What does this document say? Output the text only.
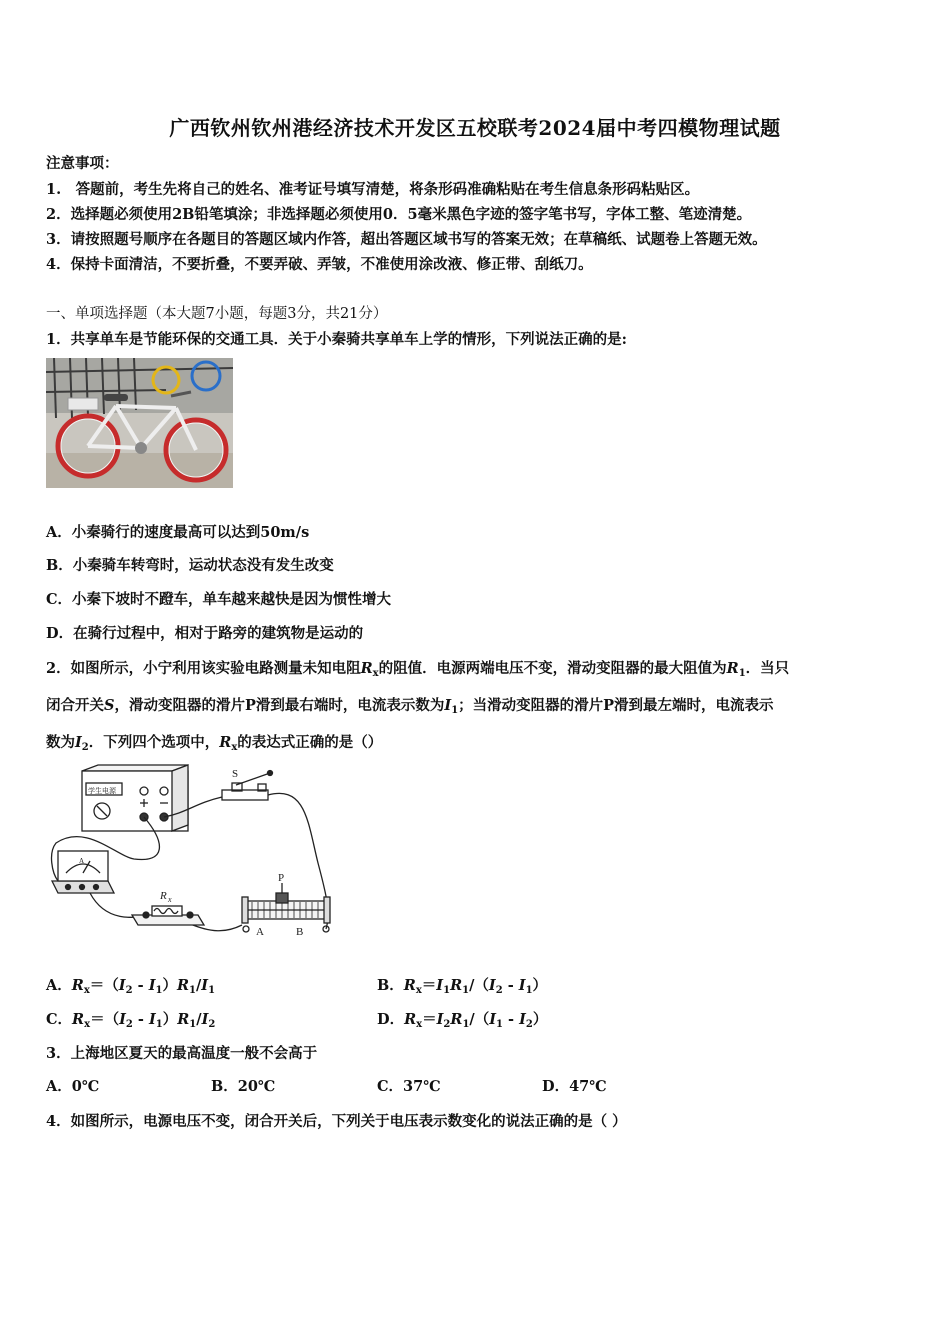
广西钦州钦州港经济技术开发区五校联考2024届中考四模物理试题
注意事项：
1.　答题前，考生先将自己的姓名、准考证号填写清楚，将条形码准确粘贴在考生信息条形码粘贴区。
2．选择题必须使用2B铅笔填涂；非选择题必须使用0．5毫米黑色字迹的签字笔书写，字体工整、笔迹清楚。
3．请按照题号顺序在各题目的答题区域内作答，超出答题区域书写的答案无效；在草稿纸、试题卷上答题无效。
4．保持卡面清洁，不要折叠，不要弄破、弄皱，不准使用涂改液、修正带、刮纸刀。
一、单项选择题（本大题7小题，每题3分，共21分）
1．共享单车是节能环保的交通工具．关于小秦骑共享单车上学的情形，下列说法正确的是:
A．小秦骑行的速度最高可以达到50m/s
B．小秦骑车转弯时，运动状态没有发生改变
C．小秦下坡时不蹬车，单车越来越快是因为惯性增大
D．在骑行过程中，相对于路旁的建筑物是运动的
2．如图所示，小宁利用该实验电路测量未知电阻$R_x$的阻值．电源两端电压不变，滑动变阻器的最大阻值为$R_1$．当只
闭合开关S，滑动变阻器的滑片P滑到最右端时，电流表示数为$I_1$；当滑动变阻器的滑片P滑到最左端时，电流表示
数为$I_2$．下列四个选项中，$R_x$的表达式正确的是（）
S
R x
P
A	B
A
学生电源
A．$R_x=(I_2 - I_1)R_1/I_1$	B．$R_x=I_1R_1/(I_2 - I_1)$
C．$R_x=(I_2 - I_1)R_1/I_2$	D．$R_x=I_2R_1/(I_1 - I_2)$
3．上海地区夏天的最高温度一般不会高于
A．0℃	B．20℃	C．37℃	D．47℃
4．如图所示，电源电压不变，闭合开关后，下列关于电压表示数变化的说法正确的是（ ）
